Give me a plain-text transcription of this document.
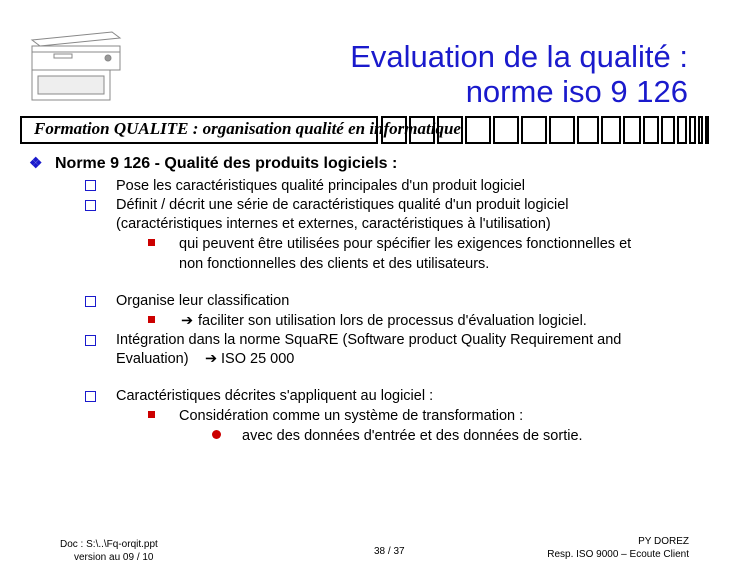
Evaluation de la qualité :
norme iso 9 126
Formation QUALITE : organisation qualité en informatique
❖ Norme 9 126 - Qualité des produits logiciels :
Pose les caractéristiques qualité principales d'un produit logiciel
Définit / décrit une série de caractéristiques qualité d'un produit logiciel
(caractéristiques internes et externes, caractéristiques à l'utilisation)
qui peuvent être utilisées pour spécifier les exigences fonctionnelles et
non fonctionnelles des clients et des utilisateurs.
Organise leur classification
➔ faciliter son utilisation lors de processus d'évaluation logiciel.
Intégration dans la norme SquaRE (Software product Quality Requirement and
Evaluation) ➔ ISO 25 000
Caractéristiques décrites s'appliquent au logiciel :
Considération comme un système de transformation :
avec des données d'entrée et des données de sortie.
Doc : S:\..\Fq-orqit.ppt
version au 09 / 10
38 / 37
PY DOREZ
Resp. ISO 9000 – Ecoute Client
